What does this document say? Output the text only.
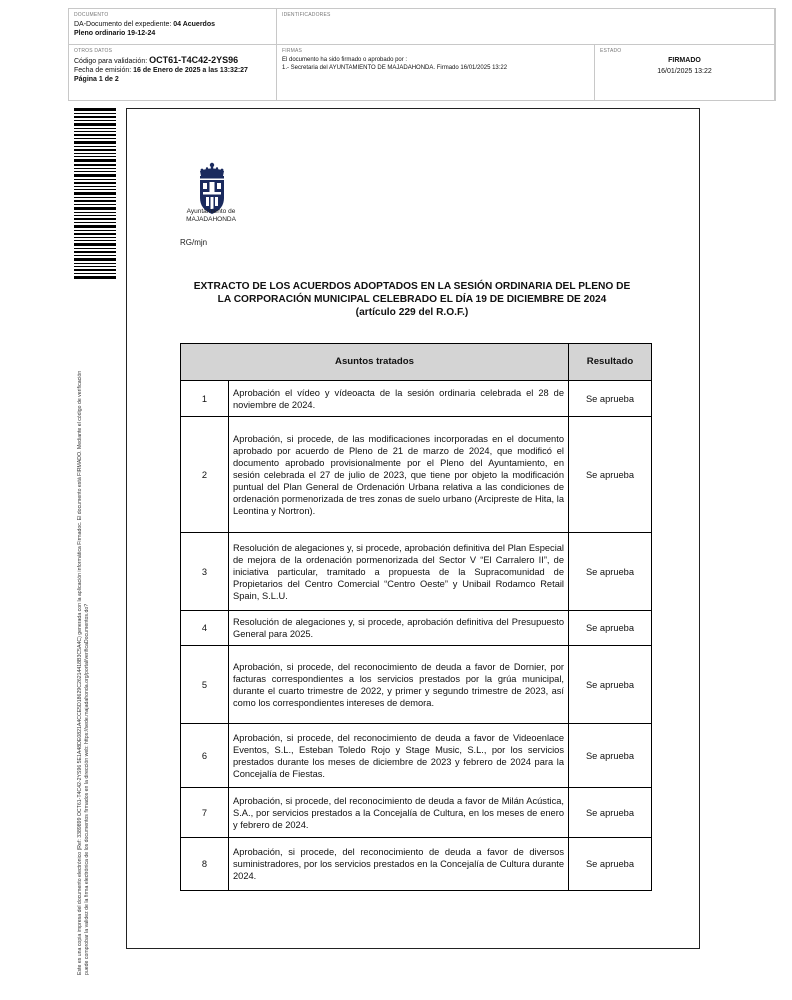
DOCUMENTO
DA-Documento del expediente: 04 Acuerdos
Pleno ordinario 19-12-24
IDENTIFICADORES
OTROS DATOS
Código para validación: OCT61-T4C42-2YS96
Fecha de emisión: 16 de Enero de 2025 a las 13:32:27
Página 1 de 2
FIRMAS
El documento ha sido firmado o aprobado por :
1.- Secretaria del AYUNTAMIENTO DE MAJADAHONDA. Firmado 16/01/2025 13:22
ESTADO
FIRMADO
16/01/2025 13:22
Este es una copia impresa del documento electrónico (Ref: 3389899 OCT61-T4C42-2YS96 5E1A48DE0821A4CCE5D18629C26214418B3C5A4C) generada con la aplicación informática Firmadoc. El documento está FIRMADO. Mediante el código de verificación puede comprobar la validez de la firma electrónica de los documentos firmados en la dirección web: https://sede.majadahonda.org/portal/verificaDocumentos.do?
Ayuntamiento de
MAJADAHONDA
RG/mjn
EXTRACTO DE LOS ACUERDOS ADOPTADOS EN LA SESIÓN ORDINARIA DEL PLENO DE
LA CORPORACIÓN MUNICIPAL CELEBRADO EL DÍA 19 DE DICIEMBRE DE 2024
(artículo 229 del R.O.F.)
Asuntos tratados		Resultado
1	Aprobación el vídeo y vídeoacta de la sesión ordinaria celebrada el 28 de noviembre de 2024.	Se aprueba
2	Aprobación, si procede, de las modificaciones incorporadas en el documento aprobado por acuerdo de Pleno de 21 de marzo de 2024, que modificó el documento aprobado provisionalmente por el Pleno del Ayuntamiento, en sesión celebrada el 27 de julio de 2023, que tiene por objeto la modificación puntual del Plan General de Ordenación Urbana relativa a las condiciones de ordenación pormenorizada de tres zonas de suelo urbano (Arcipreste de Hita, la Leontina y Nortron).	Se aprueba
3	Resolución de alegaciones y, si procede, aprobación definitiva del Plan Especial de mejora de la ordenación pormenorizada del Sector V “El Carralero II”, de iniciativa particular, tramitado a propuesta de la Supracomunidad de Propietarios del Centro Comercial “Centro Oeste” y Unibail Rodamco Retail Spain, S.L.U.	Se aprueba
4	Resolución de alegaciones y, si procede, aprobación definitiva del Presupuesto General para 2025.	Se aprueba
5	Aprobación, si procede, del reconocimiento de deuda a favor de Dornier, por facturas correspondientes a los servicios prestados por la grúa municipal, durante el cuarto trimestre de 2022, y primer y segundo trimestre de 2023, así como los correspondientes intereses de demora.	Se aprueba
6	Aprobación, si procede, del reconocimiento de deuda a favor de Videoenlace Eventos, S.L., Esteban Toledo Rojo y Stage Music, S.L., por los servicios prestados durante los meses de diciembre de 2023 y febrero de 2024 para la Concejalía de Fiestas.	Se aprueba
7	Aprobación, si procede, del reconocimiento de deuda a favor de Milán Acústica, S.A., por servicios prestados a la Concejalía de Cultura, en los meses de enero y febrero de 2024.	Se aprueba
8	Aprobación, si procede, del reconocimiento de deuda a favor de diversos suministradores, por los servicios prestados en la Concejalía de Cultura durante 2024.	Se aprueba
